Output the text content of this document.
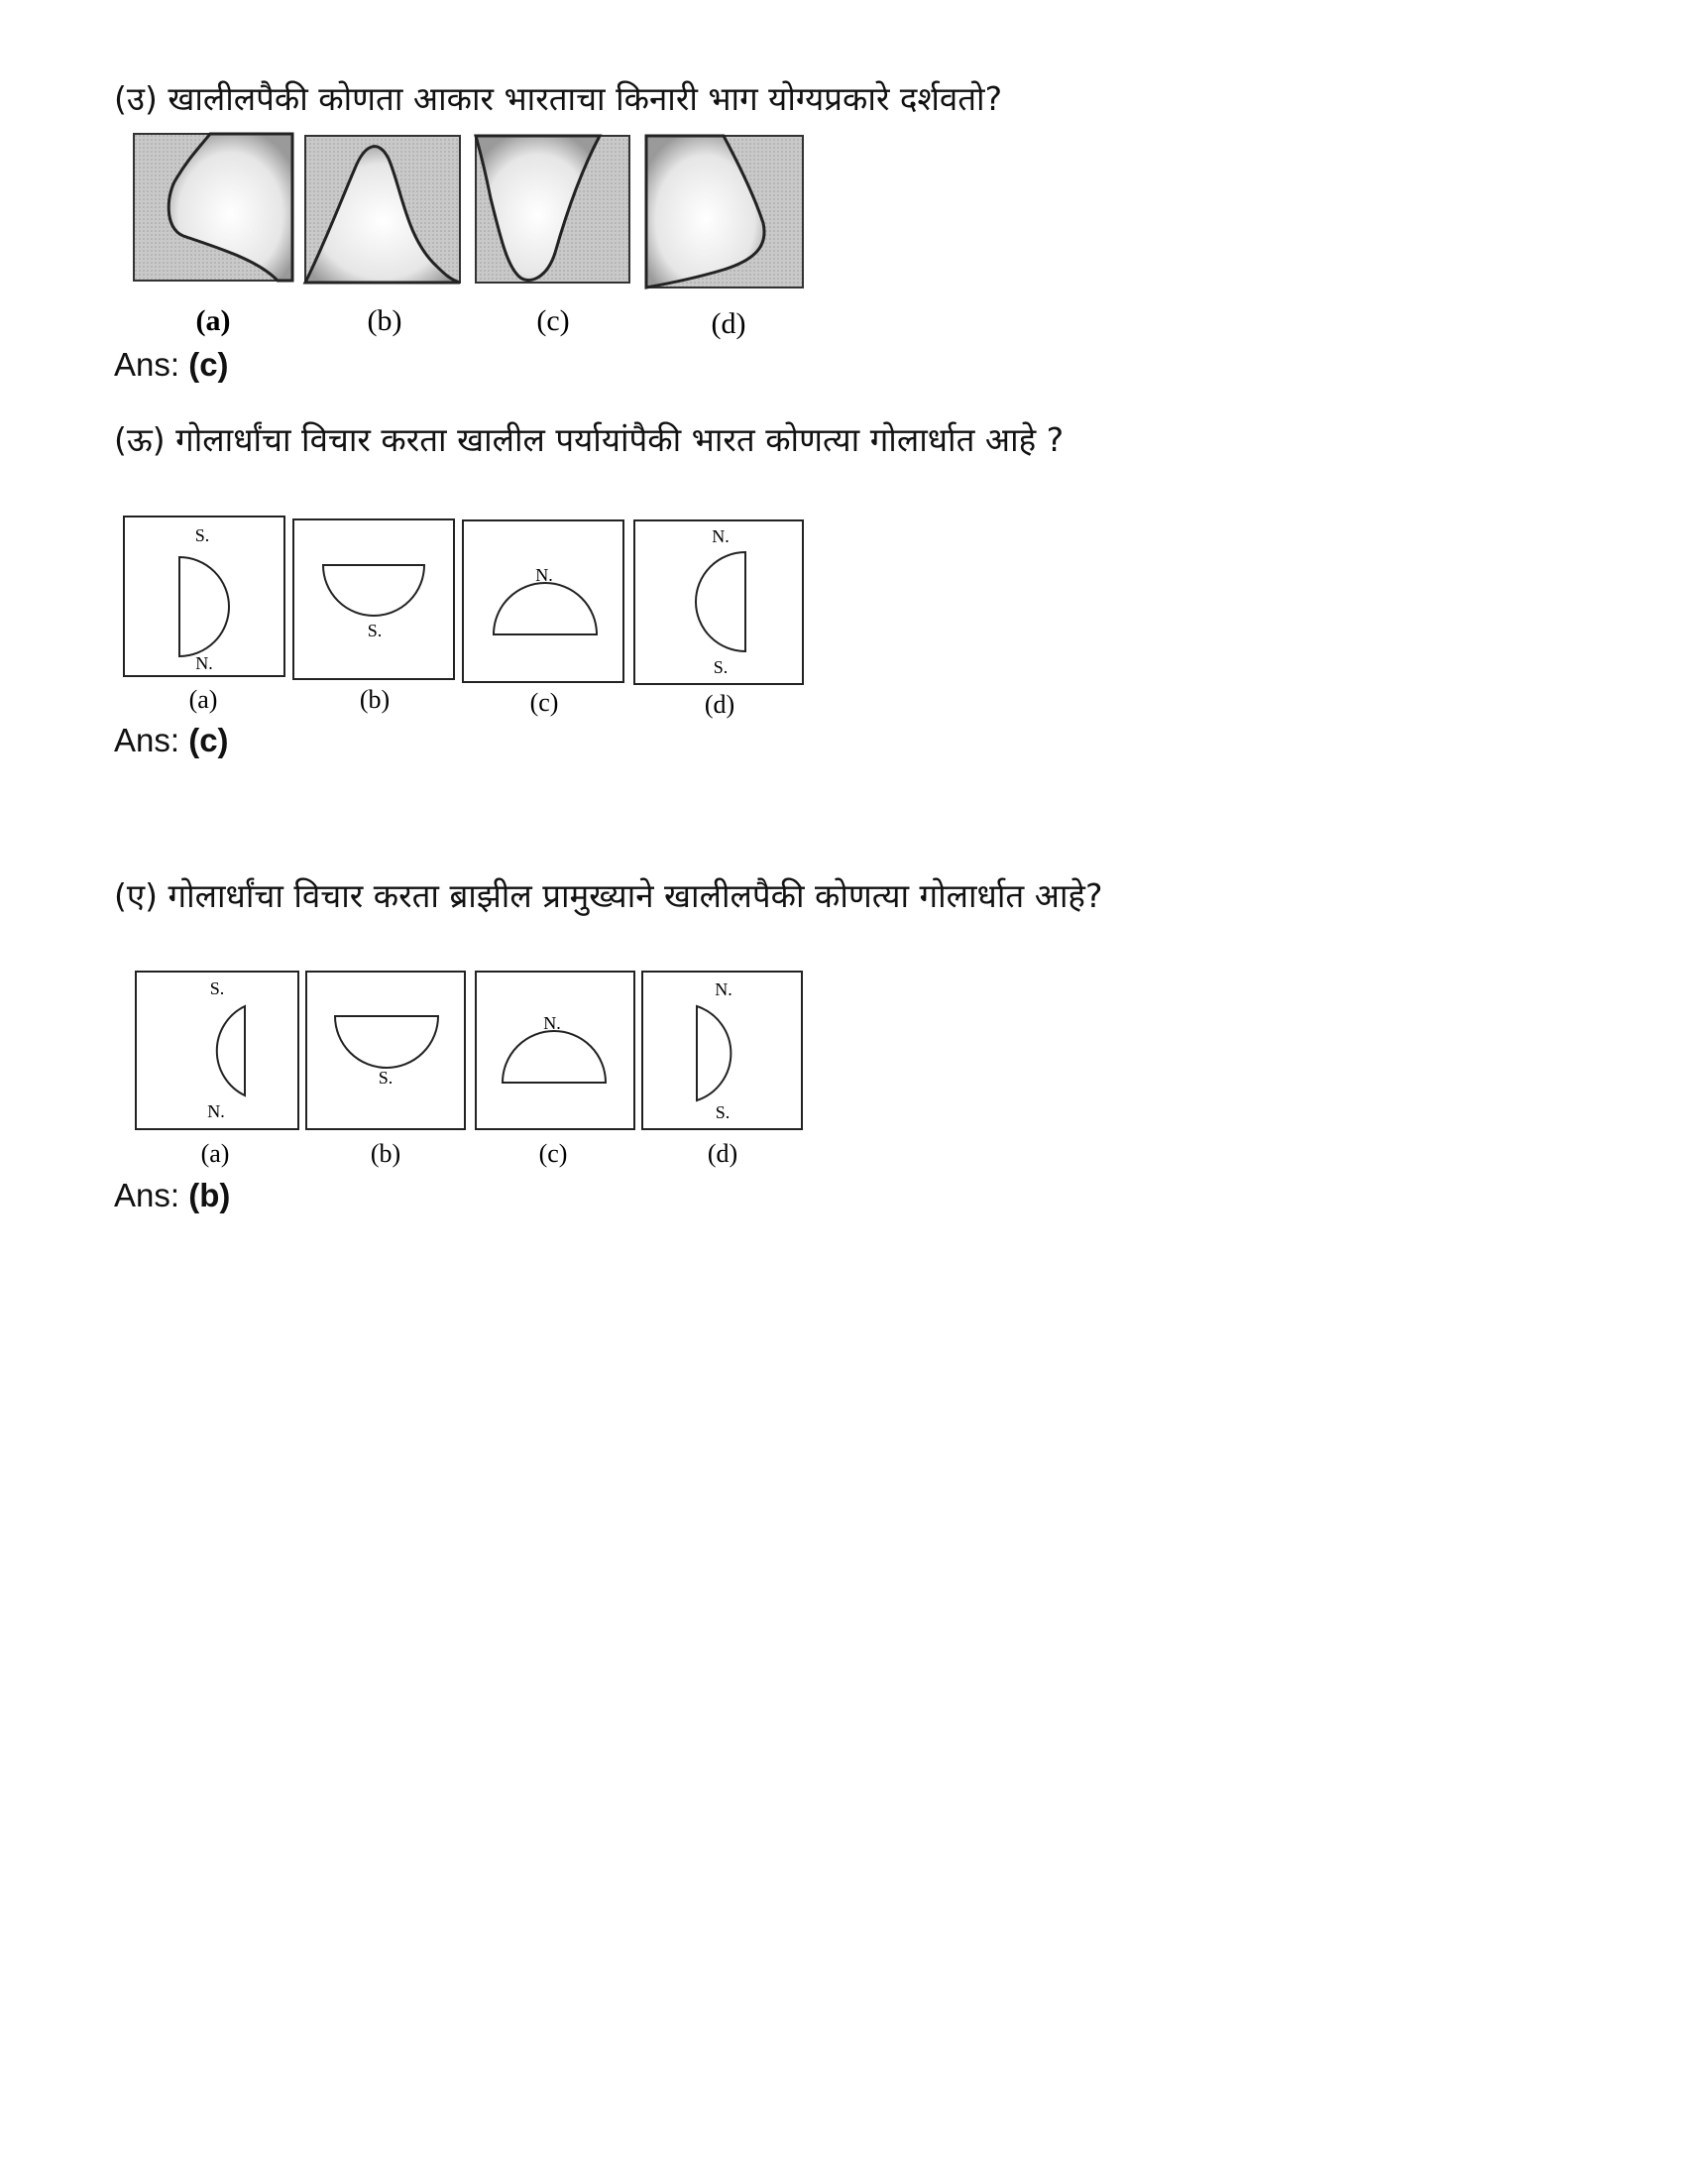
(उ) खालीलपैकी कोणता आकार भारताचा किनारी भाग योग्यप्रकारे दर्शवतो?
(a)	(b)	(c)	(d)
Ans: (c)
(ऊ) गोलार्धांचा विचार करता खालील पर्यायांपैकी भारत कोणत्या गोलार्धात आहे ?
S.
N.
S.
N.
N.
S.
(a)	(b)	(c)	(d)
Ans: (c)
(ए) गोलार्धांचा विचार करता ब्राझील प्रामुख्याने खालीलपैकी कोणत्या गोलार्धात आहे?
S.
N.
S.
N.
N.
S.
(a)	(b)	(c)	(d)
Ans: (b)
